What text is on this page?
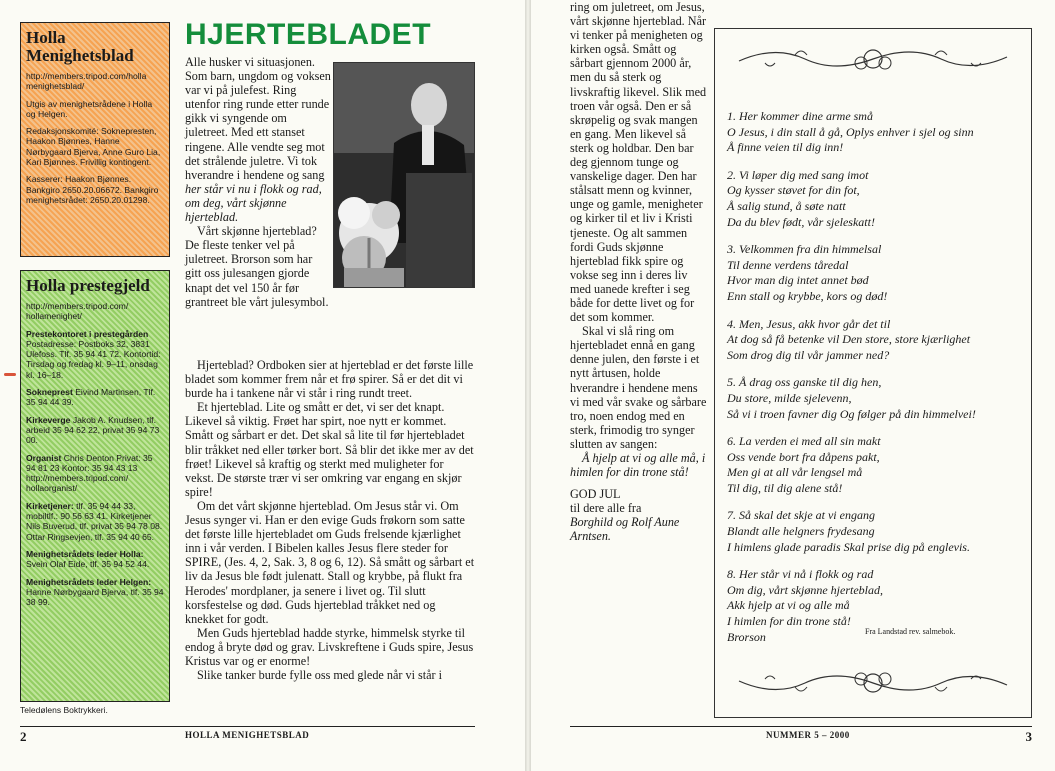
Holla Menighetsblad
http://members.tripod.com/holla menighetsblad/
Utgis av menighetsrådene i Holla og Helgen.
Redaksjonskomité: Soknepresten, Haakon Bjønnes, Hanne Nørbygaard Bjerva, Anne Guro Lia, Kari Bjønnes. Frivillig kontingent.
Kasserer: Haakon Bjønnes. Bankgiro 2650.20.06672. Bankgiro menighetsrådet: 2650.20.01298.
Holla prestegjeld
http://members.tripod.com/ hollamenighet/
Prestekontoret i prestegården
Postadresse: Postboks 32, 3831 Ulefoss. Tlf. 35 94 41 72. Kontortid: Tirsdag og fredag kl. 9–11, onsdag kl. 16–18.
Sokneprest Eivind Martinsen, Tlf. 35 94 44 39.
Kirkeverge Jakob A. Knudsen, tlf. arbeid 35 94 62 22, privat 35 94 73 00.
Organist Chris Denton Privat: 35 94 81 23 Kontor: 35 94 43 13 http://members.tripod.com/ hollaorganist/
Kirketjener: tlf. 35 94 44 33, mobiltlf.: 90 56 63 41. Kirketjener Nils Buverud, tlf. privat 35 94 78 08. Ottar Ringsevjen, tlf. 35 94 40 65.
Menighetsrådets leder Holla:
Svein Olaf Eide, tlf. 35 94 52 44.
Menighetsrådets leder Helgen: Hanne Nørbygaard Bjerva, tlf. 35 94 38 99.
Teledølens Boktrykkeri.
HJERTEBLADET

Alle husker vi situasjonen. Som barn, ungdom og voksen var vi på julefest. Ring utenfor ring runde etter runde gikk vi syngende om juletreet. Med ett stanset ringene. Alle vendte seg mot det strålende juletre. Vi tok hverandre i hendene og sang her står vi nu i flokk og rad, om deg, vårt skjønne hjerteblad.

Vårt skjønne hjerteblad? De fleste tenker vel på juletreet. Brorson som har gitt oss julesangen gjorde knapt det vel 150 år før grantreet ble vårt julesymbol.

Hjerteblad? Ordboken sier at hjerteblad er det første lille bladet som kommer frem når et frø spirer. Så er det dit vi burde ha i tankene når vi står i ring rundt treet.

Et hjerteblad. Lite og smått er det, vi ser det knapt. Likevel så viktig. Frøet har spirt, noe nytt er kommet. Smått og sårbart er det. Det skal så lite til før hjertebladet blir tråkket ned eller tørker bort. Så blir det ikke mer av det frøet! Likevel så kraftig og sterkt med muligheter for vekst. De største trær vi ser omkring var engang en skjør spire!

Om det vårt skjønne hjerteblad. Om Jesus står vi. Om Jesus synger vi. Han er den evige Guds frøkorn som satte det første lille hjertebladet om Guds frelsende kjærlighet inn i vår verden. I Bibelen kalles Jesus flere steder for SPIRE, (Jes. 4, 2, Sak. 3, 8 og 6, 12). Så smått og sårbart et liv da Jesus ble født julenatt. Stall og krybbe, på flukt fra Herodes' mordplaner, ja senere i livet og. Til slutt korsfestelse og død. Guds hjerteblad tråkket ned og knekket for godt.

Men Guds hjerteblad hadde styrke, himmelsk styrke til endog å bryte død og grav. Livskreftene i Guds spire, Jesus Kristus var og er enorme!

Slike tanker burde fylle oss med glede når vi står i

2	HOLLA MENIGHETSBLAD

ring om juletreet, om Jesus, vårt skjønne hjerteblad. Når vi tenker på menigheten og kirken også. Smått og sårbart gjennom 2000 år, men du så sterk og livskraftig likevel. Slik med troen vår også. Den er så skrøpelig og svak mangen en gang. Men likevel så sterk og holdbar. Den bar deg gjennom tunge og vanskelige dager. Den har stålsatt menn og kvinner, unge og gamle, menigheter og kirker til et liv i Kristi tjeneste. Og alt sammen fordi Guds skjønne hjerteblad fikk spire og vokse seg inn i deres liv med uanede krefter i seg både for dette livet og for det som kommer.

Skal vi slå ring om hjertebladet ennå en gang denne julen, den første i et nytt årtusen, holde hverandre i hendene mens vi med vår svake og sårbare tro, noen endog med en sterk, frimodig tro synger slutten av sangen:

Å hjelp at vi og alle må, i himlen for din trone stå!

GOD JUL

til dere alle fra

Borghild og Rolf Aune Arntsen.

1. Her kommer dine arme små
O Jesus, i din stall å gå, Oplys enhver i sjel og sinn
Å finne veien til dig inn!
2. Vi løper dig med sang imot
Og kysser støvet for din fot,
Å salig stund, å søte natt
Da du blev født, vår sjeleskatt!
3. Velkommen fra din himmelsal
Til denne verdens tåredal
Hvor man dig intet annet bød
Enn stall og krybbe, kors og død!
4. Men, Jesus, akk hvor går det til
At dog så få betenke vil Den store, store kjærlighet
Som drog dig til vår jammer ned?
5. Å drag oss ganske til dig hen,
Du store, milde sjelevenn,
Så vi i troen favner dig Og følger på din himmelvei!
6. La verden ei med all sin makt
Oss vende bort fra dåpens pakt,
Men gi at all vår lengsel må
Til dig, til dig alene stå!
7. Så skal det skje at vi engang
Blandt alle helgners frydesang
I himlens glade paradis Skal prise dig på englevis.
8. Her står vi nå i flokk og rad
Om dig, vårt skjønne hjerteblad,
Akk hjelp at vi og alle må
I himlen for din trone stå!
Brorson	Fra Landstad rev. salmebok.
NUMMER 5 – 2000	3
